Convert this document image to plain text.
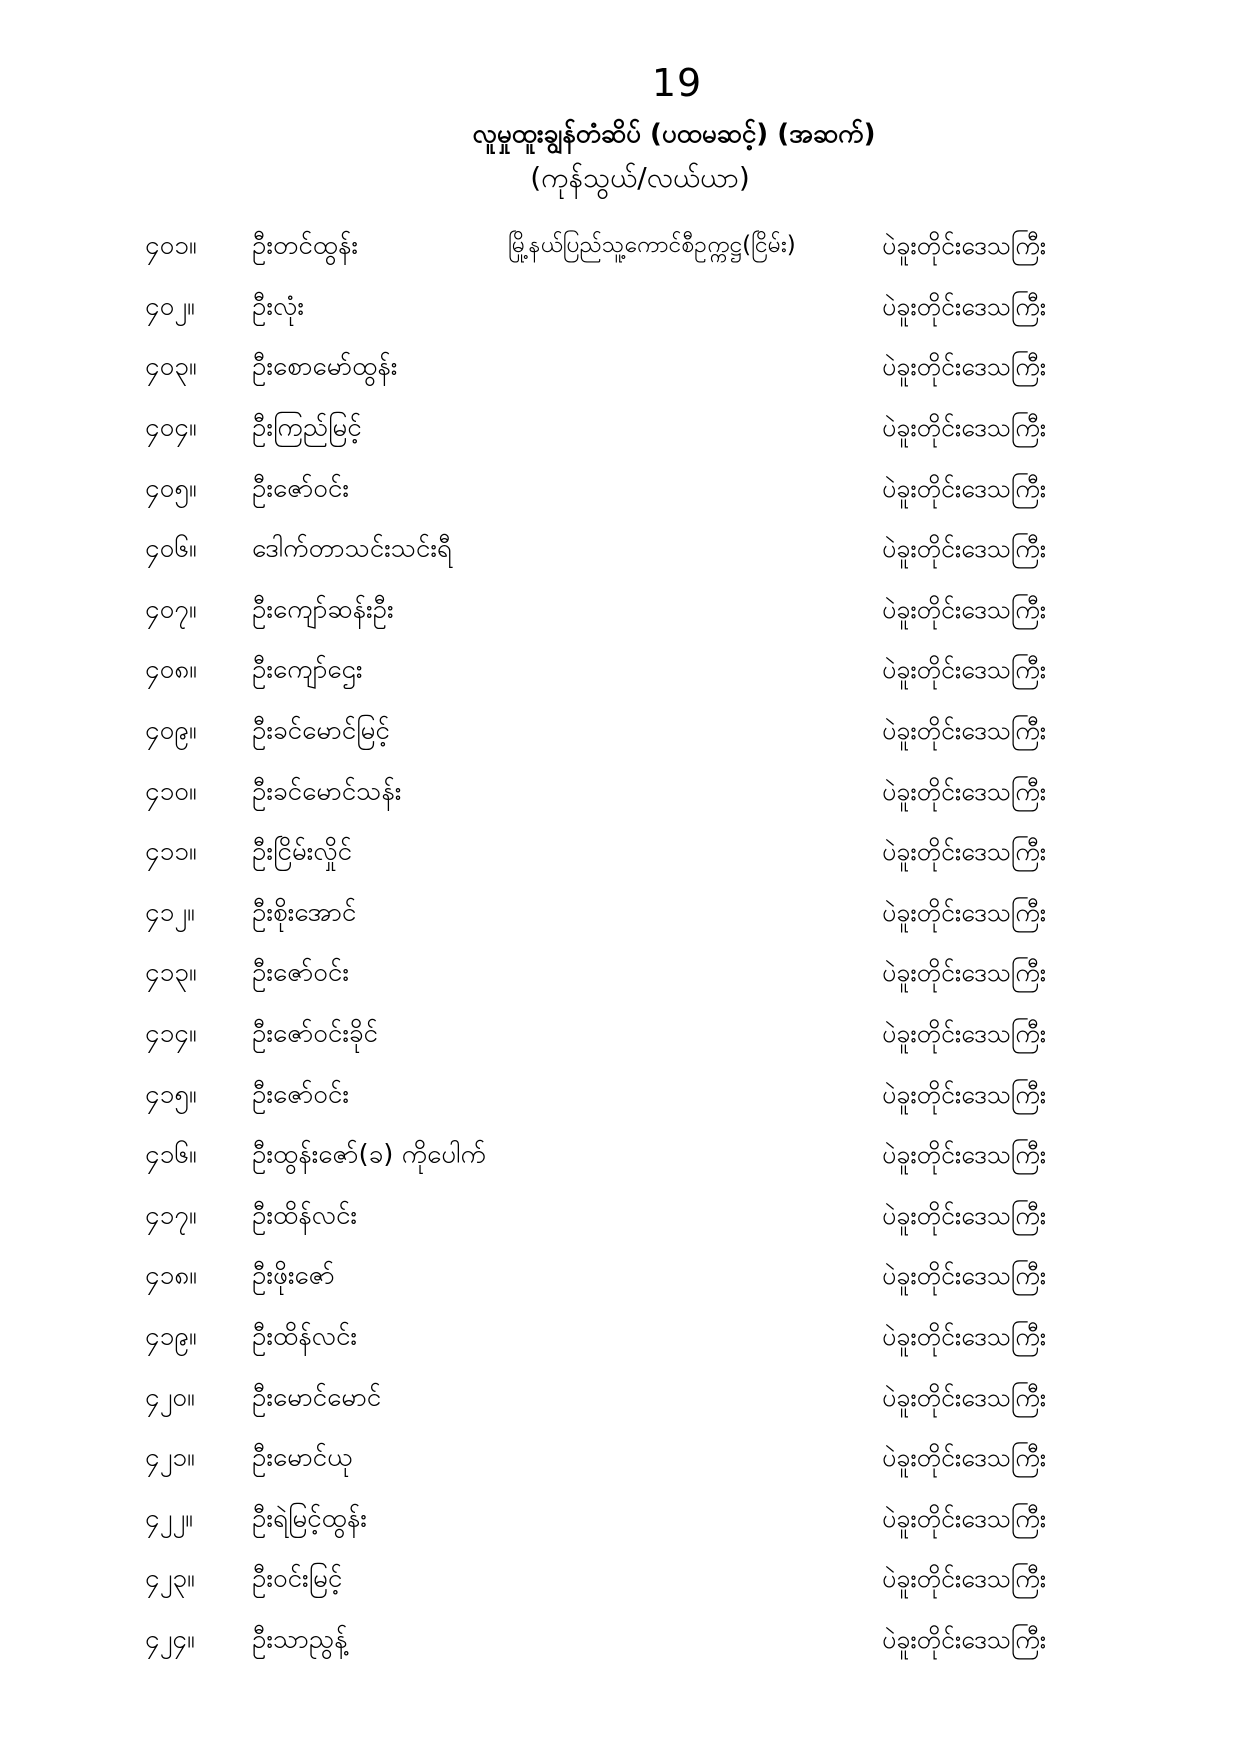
19
လူမှုထူးချွန်တံဆိပ် (ပထမဆင့်) (အဆက်)
(ကုန်သွယ်/လယ်ယာ)
၄၀၁။ ဦးတင်ထွန်း	မြို့နယ်ပြည်သူ့ကောင်စီဥက္ကဋ္ဌ(ငြိမ်း)	ပဲခူးတိုင်းဒေသကြီး
၄၀၂။ ဦးလုံး	ပဲခူးတိုင်းဒေသကြီး
၄၀၃။ ဦးစောမော်ထွန်း	ပဲခူးတိုင်းဒေသကြီး
၄၀၄။ ဦးကြည်မြင့်	ပဲခူးတိုင်းဒေသကြီး
၄၀၅။ ဦးဇော်ဝင်း	ပဲခူးတိုင်းဒေသကြီး
၄၀၆။ ဒေါက်တာသင်းသင်းရီ	ပဲခူးတိုင်းဒေသကြီး
၄၀၇။ ဦးကျော်ဆန်းဦး	ပဲခူးတိုင်းဒေသကြီး
၄၀၈။ ဦးကျော်ဌေး	ပဲခူးတိုင်းဒေသကြီး
၄၀၉။ ဦးခင်မောင်မြင့်	ပဲခူးတိုင်းဒေသကြီး
၄၁၀။ ဦးခင်မောင်သန်း	ပဲခူးတိုင်းဒေသကြီး
၄၁၁။ ဦးငြိမ်းလှိုင်	ပဲခူးတိုင်းဒေသကြီး
၄၁၂။ ဦးစိုးအောင်	ပဲခူးတိုင်းဒေသကြီး
၄၁၃။ ဦးဇော်ဝင်း	ပဲခူးတိုင်းဒေသကြီး
၄၁၄။ ဦးဇော်ဝင်းခိုင်	ပဲခူးတိုင်းဒေသကြီး
၄၁၅။ ဦးဇော်ဝင်း	ပဲခူးတိုင်းဒေသကြီး
၄၁၆။ ဦးထွန်းဇော်(ခ) ကိုပေါက်	ပဲခူးတိုင်းဒေသကြီး
၄၁၇။ ဦးထိန်လင်း	ပဲခူးတိုင်းဒေသကြီး
၄၁၈။ ဦးဖိုးဇော်	ပဲခူးတိုင်းဒေသကြီး
၄၁၉။ ဦးထိန်လင်း	ပဲခူးတိုင်းဒေသကြီး
၄၂၀။ ဦးမောင်မောင်	ပဲခူးတိုင်းဒေသကြီး
၄၂၁။ ဦးမောင်ယု	ပဲခူးတိုင်းဒေသကြီး
၄၂၂။ ဦးရဲမြင့်ထွန်း	ပဲခူးတိုင်းဒေသကြီး
၄၂၃။ ဦးဝင်းမြင့်	ပဲခူးတိုင်းဒေသကြီး
၄၂၄။ ဦးသာညွန့်	ပဲခူးတိုင်းဒေသကြီး
